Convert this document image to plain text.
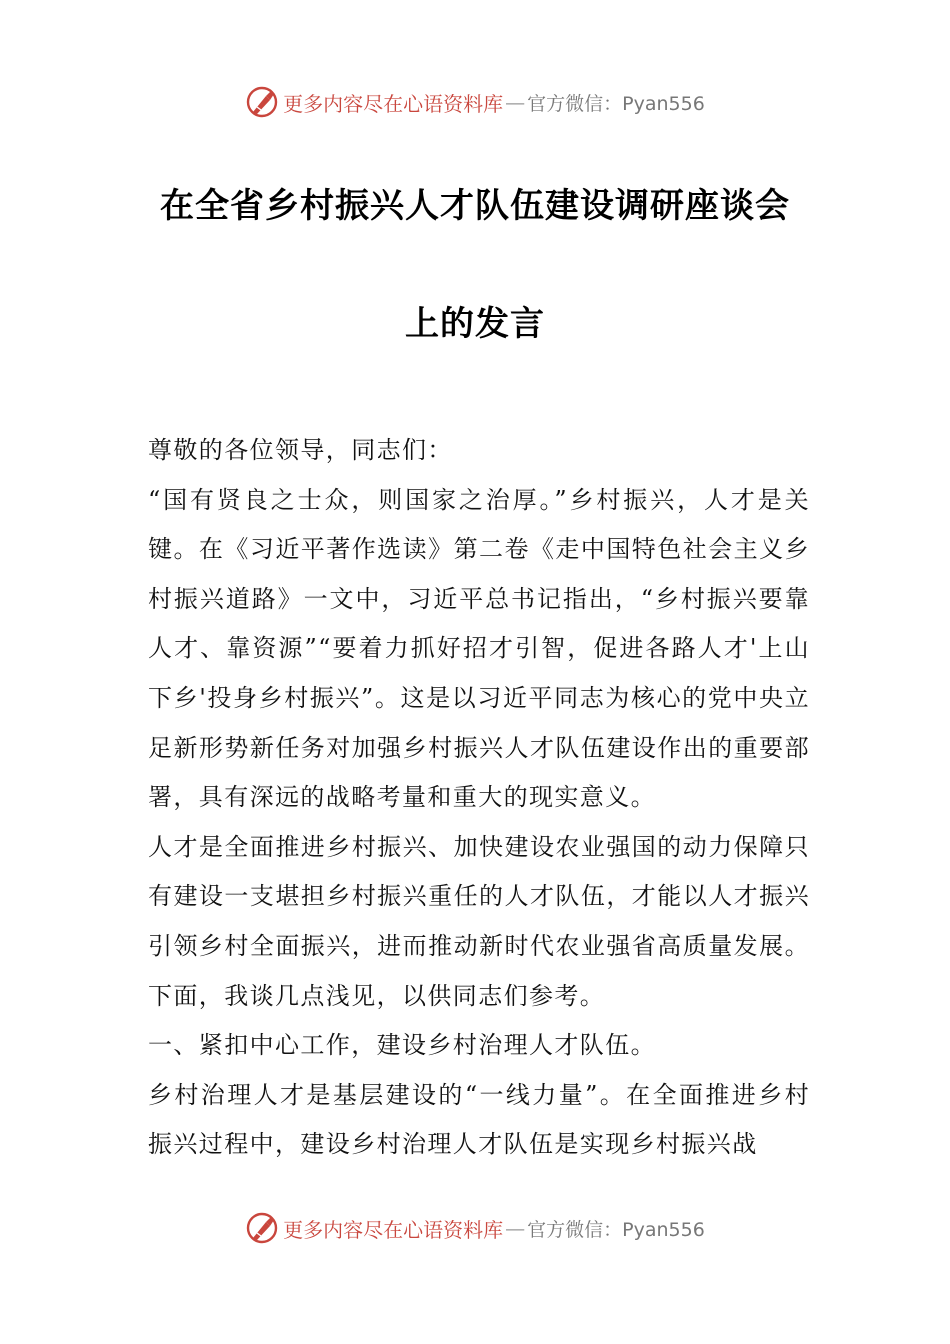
更多内容尽在心语资料库 — 官方微信：Pyan556
在全省乡村振兴人才队伍建设调研座谈会
上的发言

尊敬的各位领导，同志们：

“国有贤良之士众，则国家之治厚。”乡村振兴，人才是关键。在《习近平著作选读》第二卷《走中国特色社会主义乡村振兴道路》一文中，习近平总书记指出，“乡村振兴要靠人才、靠资源”“要着力抓好招才引智，促进各路人才'上山下乡'投身乡村振兴”。这是以习近平同志为核心的党中央立足新形势新任务对加强乡村振兴人才队伍建设作出的重要部署，具有深远的战略考量和重大的现实意义。

人才是全面推进乡村振兴、加快建设农业强国的动力保障只有建设一支堪担乡村振兴重任的人才队伍，才能以人才振兴引领乡村全面振兴，进而推动新时代农业强省高质量发展。下面，我谈几点浅见，以供同志们参考。

一、紧扣中心工作，建设乡村治理人才队伍。

乡村治理人才是基层建设的“一线力量”。在全面推进乡村振兴过程中，建设乡村治理人才队伍是实现乡村振兴战

更多内容尽在心语资料库 — 官方微信：Pyan556
